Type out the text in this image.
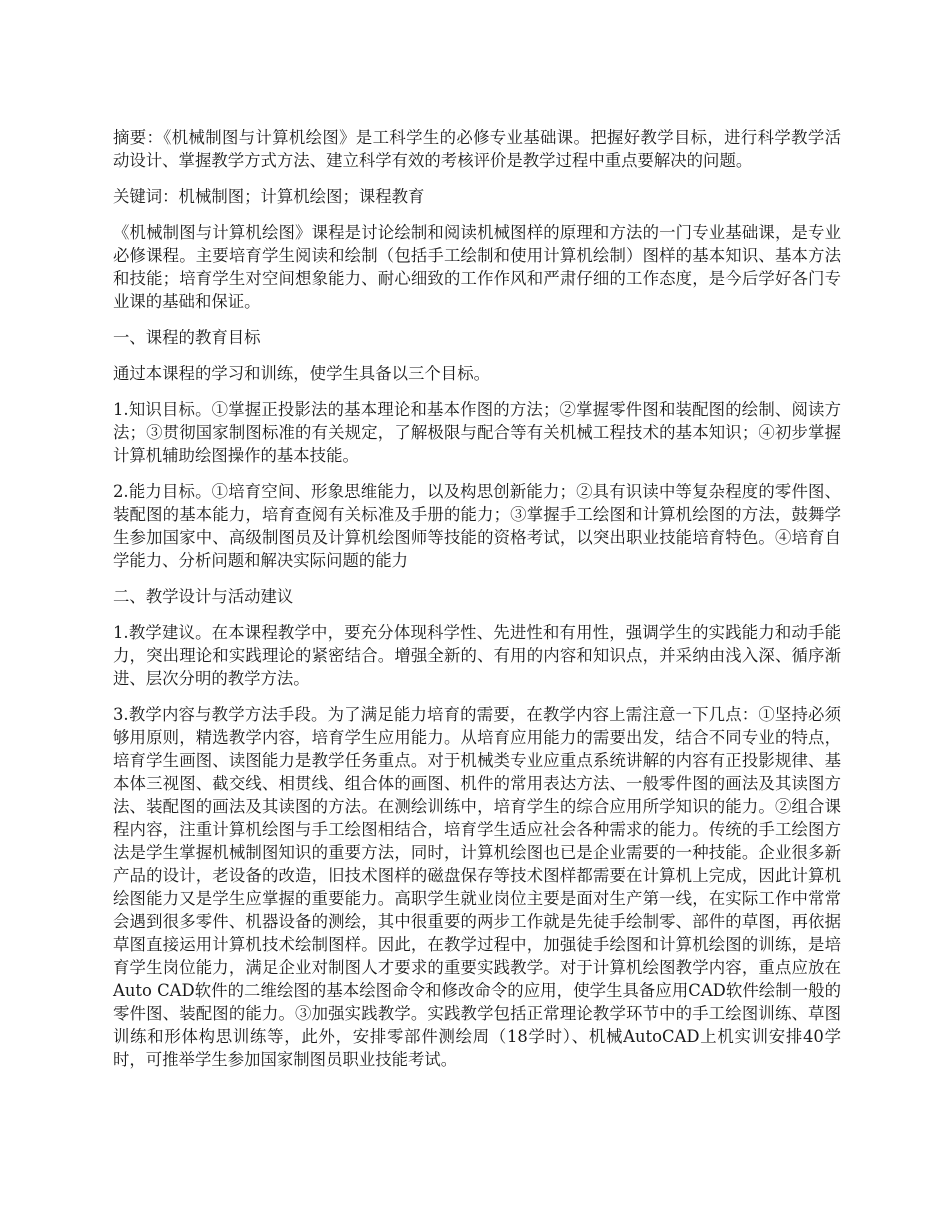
摘要：《机械制图与计算机绘图》是工科学生的必修专业基础课。把握好教学目标，进行科学教学活动设计、掌握教学方式方法、建立科学有效的考核评价是教学过程中重点要解决的问题。

关键词：机械制图；计算机绘图；课程教育

《机械制图与计算机绘图》课程是讨论绘制和阅读机械图样的原理和方法的一门专业基础课，是专业必修课程。主要培育学生阅读和绘制（包括手工绘制和使用计算机绘制）图样的基本知识、基本方法和技能；培育学生对空间想象能力、耐心细致的工作作风和严肃仔细的工作态度，是今后学好各门专业课的基础和保证。

一、课程的教育目标

通过本课程的学习和训练，使学生具备以三个目标。

1.知识目标。①掌握正投影法的基本理论和基本作图的方法；②掌握零件图和装配图的绘制、阅读方法；③贯彻国家制图标准的有关规定，了解极限与配合等有关机械工程技术的基本知识；④初步掌握计算机辅助绘图操作的基本技能。

2.能力目标。①培育空间、形象思维能力，以及构思创新能力；②具有识读中等复杂程度的零件图、装配图的基本能力，培育查阅有关标准及手册的能力；③掌握手工绘图和计算机绘图的方法，鼓舞学生参加国家中、高级制图员及计算机绘图师等技能的资格考试，以突出职业技能培育特色。④培育自学能力、分析问题和解决实际问题的能力

二、教学设计与活动建议

1.教学建议。在本课程教学中，要充分体现科学性、先进性和有用性，强调学生的实践能力和动手能力，突出理论和实践理论的紧密结合。增强全新的、有用的内容和知识点，并采纳由浅入深、循序渐进、层次分明的教学方法。

3.教学内容与教学方法手段。为了满足能力培育的需要，在教学内容上需注意一下几点：①坚持必须够用原则，精选教学内容，培育学生应用能力。从培育应用能力的需要出发，结合不同专业的特点，培育学生画图、读图能力是教学任务重点。对于机械类专业应重点系统讲解的内容有正投影规律、基本体三视图、截交线、相贯线、组合体的画图、机件的常用表达方法、一般零件图的画法及其读图方法、装配图的画法及其读图的方法。在测绘训练中，培育学生的综合应用所学知识的能力。②组合课程内容，注重计算机绘图与手工绘图相结合，培育学生适应社会各种需求的能力。传统的手工绘图方法是学生掌握机械制图知识的重要方法，同时，计算机绘图也已是企业需要的一种技能。企业很多新产品的设计，老设备的改造，旧技术图样的磁盘保存等技术图样都需要在计算机上完成，因此计算机绘图能力又是学生应掌握的重要能力。高职学生就业岗位主要是面对生产第一线，在实际工作中常常会遇到很多零件、机器设备的测绘，其中很重要的两步工作就是先徒手绘制零、部件的草图，再依据草图直接运用计算机技术绘制图样。因此，在教学过程中，加强徒手绘图和计算机绘图的训练，是培育学生岗位能力，满足企业对制图人才要求的重要实践教学。对于计算机绘图教学内容，重点应放在Auto CAD软件的二维绘图的基本绘图命令和修改命令的应用，使学生具备应用CAD软件绘制一般的零件图、装配图的能力。③加强实践教学。实践教学包括正常理论教学环节中的手工绘图训练、草图训练和形体构思训练等，此外，安排零部件测绘周（18学时）、机械AutoCAD上机实训安排40学时，可推举学生参加国家制图员职业技能考试。
